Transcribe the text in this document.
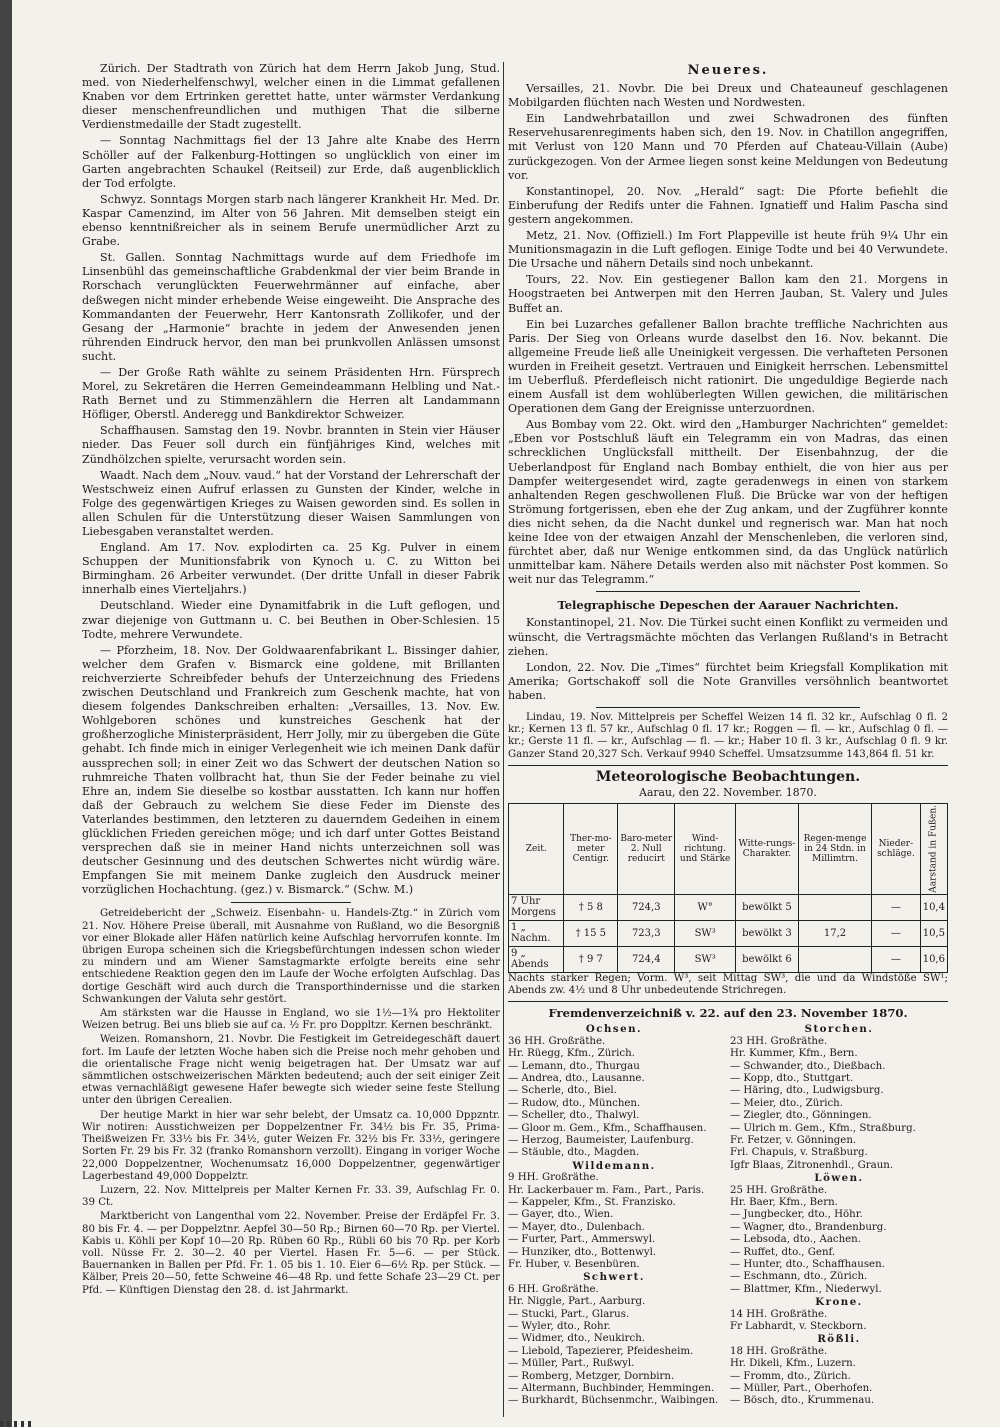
Zürich. Der Stadtrath von Zürich hat dem Herrn Jakob Jung, Stud. med. von Niederhelfenschwyl, welcher einen in die Limmat gefallenen Knaben vor dem Ertrinken gerettet hatte, unter wärmster Verdankung dieser menschenfreundlichen und muthigen That die silberne Verdienstmedaille der Stadt zugestellt.

— Sonntag Nachmittags fiel der 13 Jahre alte Knabe des Herrn Schöller auf der Falkenburg-Hottingen so unglücklich von einer im Garten angebrachten Schaukel (Reitseil) zur Erde, daß augenblicklich der Tod erfolgte.

Schwyz. Sonntags Morgen starb nach längerer Krankheit Hr. Med. Dr. Kaspar Camenzind, im Alter von 56 Jahren. Mit demselben steigt ein ebenso kenntnißreicher als in seinem Berufe unermüdlicher Arzt zu Grabe.

St. Gallen. Sonntag Nachmittags wurde auf dem Friedhofe im Linsenbühl das gemeinschaftliche Grabdenkmal der vier beim Brande in Rorschach verunglückten Feuerwehrmänner auf einfache, aber deßwegen nicht minder erhebende Weise eingeweiht. Die Ansprache des Kommandanten der Feuerwehr, Herr Kantonsrath Zollikofer, und der Gesang der „Harmonie“ brachte in jedem der Anwesenden jenen rührenden Eindruck hervor, den man bei prunkvollen Anlässen umsonst sucht.

— Der Große Rath wählte zu seinem Präsidenten Hrn. Fürsprech Morel, zu Sekretären die Herren Gemeindeammann Helbling und Nat.-Rath Bernet und zu Stimmenzählern die Herren alt Landammann Höfliger, Oberstl. Anderegg und Bankdirektor Schweizer.

Schaffhausen. Samstag den 19. Novbr. brannten in Stein vier Häuser nieder. Das Feuer soll durch ein fünfjähriges Kind, welches mit Zündhölzchen spielte, verursacht worden sein.

Waadt. Nach dem „Nouv. vaud.“ hat der Vorstand der Lehrerschaft der Westschweiz einen Aufruf erlassen zu Gunsten der Kinder, welche in Folge des gegenwärtigen Krieges zu Waisen geworden sind. Es sollen in allen Schulen für die Unterstützung dieser Waisen Sammlungen von Liebesgaben veranstaltet werden.

England. Am 17. Nov. explodirten ca. 25 Kg. Pulver in einem Schuppen der Munitionsfabrik von Kynoch u. C. zu Witton bei Birmingham. 26 Arbeiter verwundet. (Der dritte Unfall in dieser Fabrik innerhalb eines Vierteljahrs.)

Deutschland. Wieder eine Dynamitfabrik in die Luft geflogen, und zwar diejenige von Guttmann u. C. bei Beuthen in Ober-Schlesien. 15 Todte, mehrere Verwundete.

— Pforzheim, 18. Nov. Der Goldwaarenfabrikant L. Bissinger dahier, welcher dem Grafen v. Bismarck eine goldene, mit Brillanten reichverzierte Schreibfeder behufs der Unterzeichnung des Friedens zwischen Deutschland und Frankreich zum Geschenk machte, hat von diesem folgendes Dankschreiben erhalten: „Versailles, 13. Nov. Ew. Wohlgeboren schönes und kunstreiches Geschenk hat der großherzogliche Ministerpräsident, Herr Jolly, mir zu übergeben die Güte gehabt. Ich finde mich in einiger Verlegenheit wie ich meinen Dank dafür aussprechen soll; in einer Zeit wo das Schwert der deutschen Nation so ruhmreiche Thaten vollbracht hat, thun Sie der Feder beinahe zu viel Ehre an, indem Sie dieselbe so kostbar ausstatten. Ich kann nur hoffen daß der Gebrauch zu welchem Sie diese Feder im Dienste des Vaterlandes bestimmen, den letzteren zu dauerndem Gedeihen in einem glücklichen Frieden gereichen möge; und ich darf unter Gottes Beistand versprechen daß sie in meiner Hand nichts unterzeichnen soll was deutscher Gesinnung und des deutschen Schwertes nicht würdig wäre. Empfangen Sie mit meinem Danke zugleich den Ausdruck meiner vorzüglichen Hochachtung. (gez.) v. Bismarck.“ (Schw. M.)

Getreidebericht der „Schweiz. Eisenbahn- u. Handels-Ztg.“ in Zürich vom 21. Nov. Höhere Preise überall, mit Ausnahme von Rußland, wo die Besorgniß vor einer Blokade aller Häfen natürlich keine Aufschlag hervorrufen konnte. Im übrigen Europa scheinen sich die Kriegsbefürchtungen indessen schon wieder zu mindern und am Wiener Samstagmarkte erfolgte bereits eine sehr entschiedene Reaktion gegen den im Laufe der Woche erfolgten Aufschlag. Das dortige Geschäft wird auch durch die Transporthindernisse und die starken Schwankungen der Valuta sehr gestört.

Am stärksten war die Hausse in England, wo sie 1½—1¾ pro Hektoliter Weizen betrug. Bei uns blieb sie auf ca. ½ Fr. pro Doppltzr. Kernen beschränkt.

Weizen. Romanshorn, 21. Novbr. Die Festigkeit im Getreidegeschäft dauert fort. Im Laufe der letzten Woche haben sich die Preise noch mehr gehoben und die orientalische Frage nicht wenig beigetragen hat. Der Umsatz war auf sämmtlichen ostschweizerischen Märkten bedeutend; auch der seit einiger Zeit etwas vernachläßigt gewesene Hafer bewegte sich wieder seine feste Stellung unter den übrigen Cerealien.

Der heutige Markt in hier war sehr belebt, der Umsatz ca. 10,000 Dppzntr. Wir notiren: Ausstichweizen per Doppelzentner Fr. 34½ bis Fr. 35, Prima-Theißweizen Fr. 33½ bis Fr. 34½, guter Weizen Fr. 32½ bis Fr. 33½, geringere Sorten Fr. 29 bis Fr. 32 (franko Romanshorn verzollt). Eingang in voriger Woche 22,000 Doppelzentner, Wochenumsatz 16,000 Doppelzentner, gegenwärtiger Lagerbestand 49,000 Doppelztr.

Luzern, 22. Nov. Mittelpreis per Malter Kernen Fr. 33. 39, Aufschlag Fr. 0. 39 Ct.

Marktbericht von Langenthal vom 22. November. Preise der Erdäpfel Fr. 3. 80 bis Fr. 4. — per Doppelztnr. Aepfel 30—50 Rp.; Birnen 60—70 Rp. per Viertel. Kabis u. Köhli per Kopf 10—20 Rp. Rüben 60 Rp., Rübli 60 bis 70 Rp. per Korb voll. Nüsse Fr. 2. 30—2. 40 per Viertel. Hasen Fr. 5—6. — per Stück. Bauernanken in Ballen per Pfd. Fr. 1. 05 bis 1. 10. Eier 6—6½ Rp. per Stück. — Kälber, Preis 20—50, fette Schweine 46—48 Rp. und fette Schafe 23—29 Ct. per Pfd. — Künftigen Dienstag den 28. d. ist Jahrmarkt.

Neueres.

Versailles, 21. Novbr. Die bei Dreux und Chateauneuf geschlagenen Mobilgarden flüchten nach Westen und Nordwesten.

Ein Landwehrbataillon und zwei Schwadronen des fünften Reservehusarenregiments haben sich, den 19. Nov. in Chatillon angegriffen, mit Verlust von 120 Mann und 70 Pferden auf Chateau-Villain (Aube) zurückgezogen. Von der Armee liegen sonst keine Meldungen von Bedeutung vor.

Konstantinopel, 20. Nov. „Herald“ sagt: Die Pforte befiehlt die Einberufung der Redifs unter die Fahnen. Ignatieff und Halim Pascha sind gestern angekommen.

Metz, 21. Nov. (Offiziell.) Im Fort Plappeville ist heute früh 9¼ Uhr ein Munitionsmagazin in die Luft geflogen. Einige Todte und bei 40 Verwundete. Die Ursache und nähern Details sind noch unbekannt.

Tours, 22. Nov. Ein gestiegener Ballon kam den 21. Morgens in Hoogstraeten bei Antwerpen mit den Herren Jauban, St. Valery und Jules Buffet an.

Ein bei Luzarches gefallener Ballon brachte treffliche Nachrichten aus Paris. Der Sieg von Orleans wurde daselbst den 16. Nov. bekannt. Die allgemeine Freude ließ alle Uneinigkeit vergessen. Die verhafteten Personen wurden in Freiheit gesetzt. Vertrauen und Einigkeit herrschen. Lebensmittel im Ueberfluß. Pferdefleisch nicht rationirt. Die ungeduldige Begierde nach einem Ausfall ist dem wohlüberlegten Willen gewichen, die militärischen Operationen dem Gang der Ereignisse unterzuordnen.

Aus Bombay vom 22. Okt. wird den „Hamburger Nachrichten“ gemeldet: „Eben vor Postschluß läuft ein Telegramm ein von Madras, das einen schrecklichen Unglücksfall mittheilt. Der Eisenbahnzug, der die Ueberlandpost für England nach Bombay enthielt, die von hier aus per Dampfer weitergesendet wird, zagte geradenwegs in einen von starkem anhaltenden Regen geschwollenen Fluß. Die Brücke war von der heftigen Strömung fortgerissen, eben ehe der Zug ankam, und der Zugführer konnte dies nicht sehen, da die Nacht dunkel und regnerisch war. Man hat noch keine Idee von der etwaigen Anzahl der Menschenleben, die verloren sind, fürchtet aber, daß nur Wenige entkommen sind, da das Unglück natürlich unmittelbar kam. Nähere Details werden also mit nächster Post kommen. So weit nur das Telegramm.“

Telegraphische Depeschen der Aarauer Nachrichten.

Konstantinopel, 21. Nov. Die Türkei sucht einen Konflikt zu vermeiden und wünscht, die Vertragsmächte möchten das Verlangen Rußland's in Betracht ziehen.

London, 22. Nov. Die „Times“ fürchtet beim Kriegsfall Komplikation mit Amerika; Gortschakoff soll die Note Granvilles versöhnlich beantwortet haben.

Lindau, 19. Nov. Mittelpreis per Scheffel Weizen 14 fl. 32 kr., Aufschlag 0 fl. 2 kr.; Kernen 13 fl. 57 kr., Aufschlag 0 fl. 17 kr.; Roggen — fl. — kr., Aufschlag 0 fl. — kr.; Gerste 11 fl. — kr., Aufschlag — fl. — kr.; Haber 10 fl. 3 kr., Aufschlag 0 fl. 9 kr. Ganzer Stand 20,327 Sch. Verkauf 9940 Scheffel. Umsatzsumme 143,864 fl. 51 kr.

Meteorologische Beobachtungen.
Aarau, den 22. November. 1870.
Zeit.	Ther-mo-meter Centigr.	Baro-meter 2. Null reducirt	Wind-richtung. und Stärke	Witte-rungs-Charakter.	Regen-menge in 24 Stdn. in Millimtrn.	Nieder-schläge.	Aarstand in Fußen.
7 Uhr Morgens	† 5 8	724,3	W°	bewölkt 5		—	10,4
1 „ Nachm.	† 15 5	723,3	SW³	bewölkt 3	17,2	—	10,5
9 „ Abends	† 9 7	724,4	SW³	bewölkt 6		—	10,6

Nachts starker Regen; Vorm. W³, seit Mittag SW³, die und da Windstöße SW¹; Abends zw. 4½ und 8 Uhr unbedeutende Strichregen.

Fremdenverzeichniß v. 22. auf den 23. November 1870.
Ochsen.
36 HH. Großräthe.
Hr. Rüegg, Kfm., Zürich.
— Lemann, dto., Thurgau
— Andrea, dto., Lausanne.
— Scherle, dto., Biel.
— Rudow, dto., München.
— Scheller, dto., Thalwyl.
— Gloor m. Gem., Kfm., Schaffhausen.
— Herzog, Baumeister, Laufenburg.
— Stäuble, dto., Magden.
Wildemann.
9 HH. Großräthe.
Hr. Lackerbauer m. Fam., Part., Paris.
— Kappeler, Kfm., St. Franzisko.
— Gayer, dto., Wien.
— Mayer, dto., Dulenbach.
— Furter, Part., Ammerswyl.
— Hunziker, dto., Bottenwyl.
Fr. Huber, v. Besenbüren.
Schwert.
6 HH. Großräthe.
Hr. Niggle, Part., Aarburg.
— Stucki, Part., Glarus.
— Wyler, dto., Rohr.
— Widmer, dto., Neukirch.
— Liebold, Tapezierer, Pfeidesheim.
— Müller, Part., Rußwyl.
— Romberg, Metzger, Dornbirn.
— Altermann, Buchbinder, Hemmingen.
— Burkhardt, Büchsenmchr., Waibingen.
Storchen.
23 HH. Großräthe.
Hr. Kummer, Kfm., Bern.
— Schwander, dto., Dießbach.
— Kopp, dto., Stuttgart.
— Häring, dto., Ludwigsburg.
— Meier, dto., Zürich.
— Ziegler, dto., Gönningen.
— Ulrich m. Gem., Kfm., Straßburg.
Fr. Fetzer, v. Gönningen.
Frl. Chapuis, v. Straßburg.
Igfr Blaas, Zitronenhdl., Graun.
Löwen.
25 HH. Großräthe.
Hr. Baer, Kfm., Bern.
— Jungbecker, dto., Höhr.
— Wagner, dto., Brandenburg.
— Lebsoda, dto., Aachen.
— Ruffet, dto., Genf.
— Hunter, dto., Schaffhausen.
— Eschmann, dto., Zürich.
— Blattmer, Kfm., Niederwyl.
Krone.
14 HH. Großräthe.
Fr Labhardt, v. Steckborn.
Rößli.
18 HH. Großräthe.
Hr. Dikeli, Kfm., Luzern.
— Fromm, dto., Zürich.
— Müller, Part., Oberhofen.
— Bösch, dto., Krummenau.
